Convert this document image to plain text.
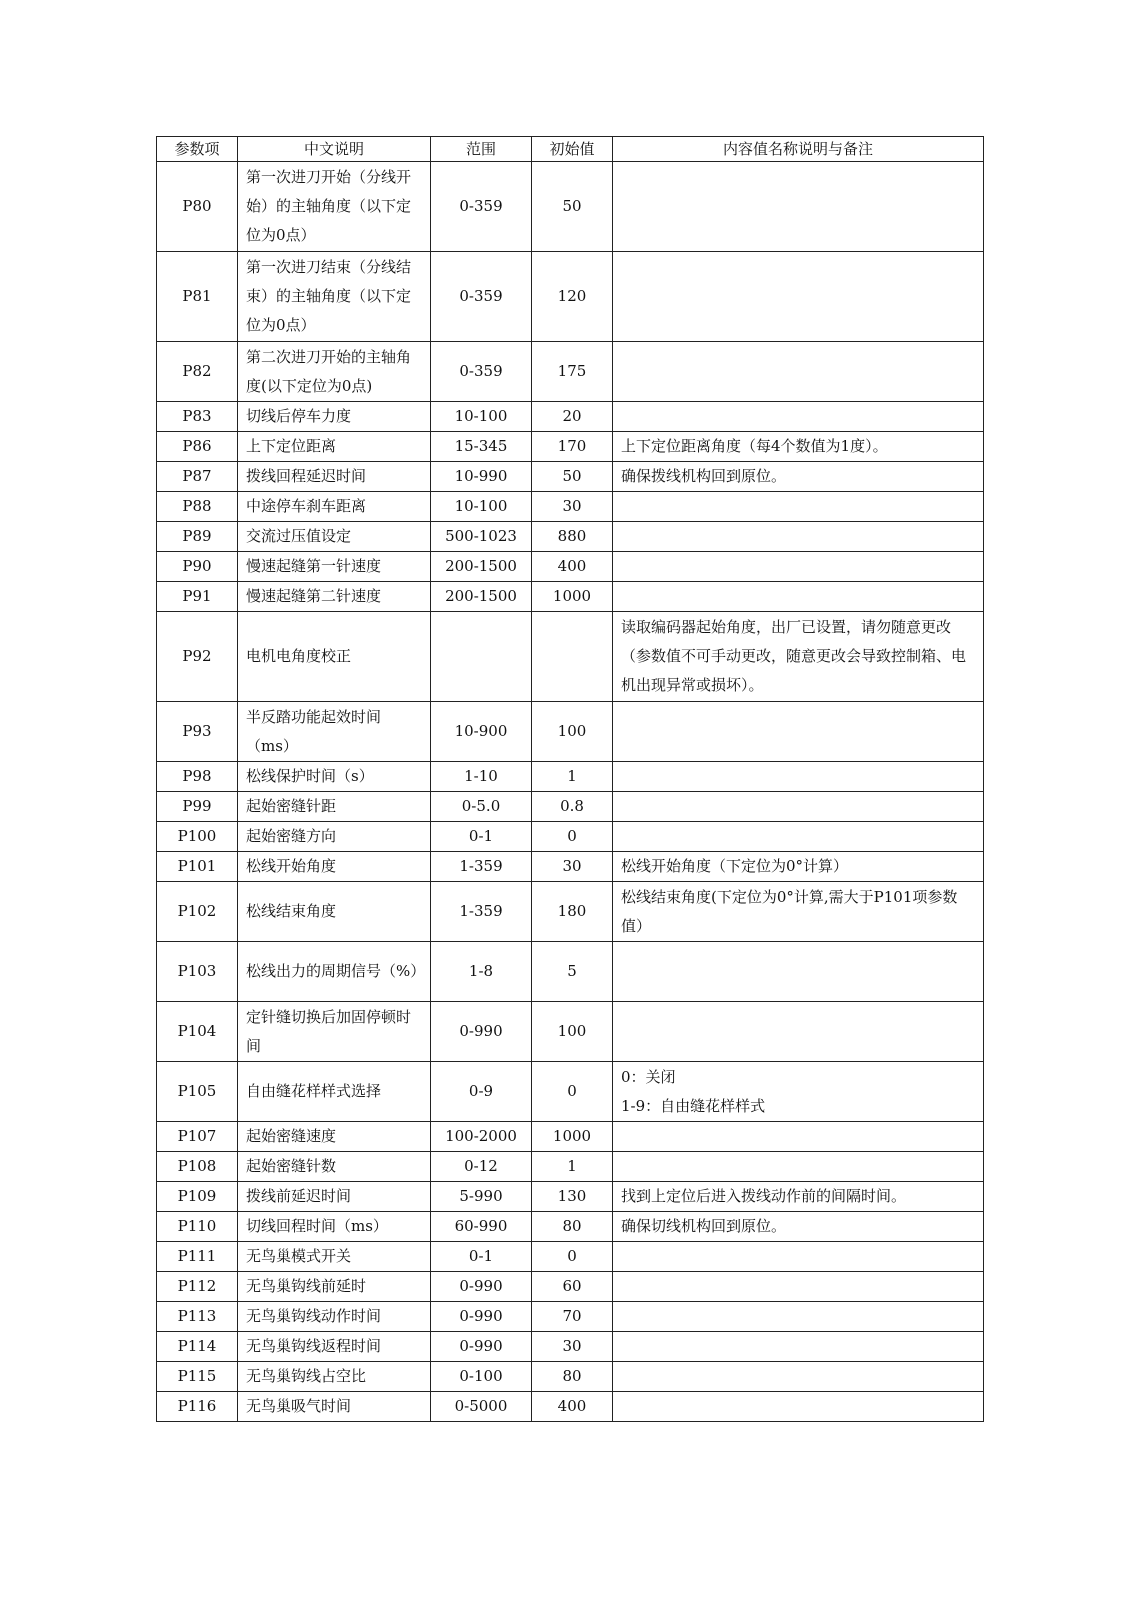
参数项	中文说明	范围	初始值	内容值名称说明与备注
P80	第一次进刀开始（分线开始）的主轴角度（以下定位为0点）	0-359	50	
P81	第一次进刀结束（分线结束）的主轴角度（以下定位为0点）	0-359	120	
P82	第二次进刀开始的主轴角度(以下定位为0点)	0-359	175	
P83	切线后停车力度	10-100	20	
P86	上下定位距离	15-345	170	上下定位距离角度（每4个数值为1度）。

P87	拨线回程延迟时间	10-990	50	确保拨线机构回到原位。

P88	中途停车刹车距离	10-100	30	
P89	交流过压值设定	500-1023	880	
P90	慢速起缝第一针速度	200-1500	400	
P91	慢速起缝第二针速度	200-1500	1000	
P92	电机电角度校正			读取编码器起始角度，出厂已设置，请勿随意更改（参数值不可手动更改，随意更改会导致控制箱、电机出现异常或损坏）。

P93	半反踏功能起效时间（ms）	10-900	100	
P98	松线保护时间（s）	1-10	1	
P99	起始密缝针距	0-5.0	0.8	
P100	起始密缝方向	0-1	0	
P101	松线开始角度	1-359	30	松线开始角度（下定位为0°计算）

P102	松线结束角度	1-359	180	松线结束角度(下定位为0°计算,需大于P101项参数值）

P103	松线出力的周期信号（%）	1-8	5	
P104	定针缝切换后加固停顿时间	0-990	100	
P105	自由缝花样样式选择	0-9	0	0：关闭
1-9：自由缝花样样式

P107	起始密缝速度	100-2000	1000	
P108	起始密缝针数	0-12	1	
P109	拨线前延迟时间	5-990	130	找到上定位后进入拨线动作前的间隔时间。

P110	切线回程时间（ms）	60-990	80	确保切线机构回到原位。

P111	无鸟巢模式开关	0-1	0	
P112	无鸟巢钩线前延时	0-990	60	
P113	无鸟巢钩线动作时间	0-990	70	
P114	无鸟巢钩线返程时间	0-990	30	
P115	无鸟巢钩线占空比	0-100	80	
P116	无鸟巢吸气时间	0-5000	400	
